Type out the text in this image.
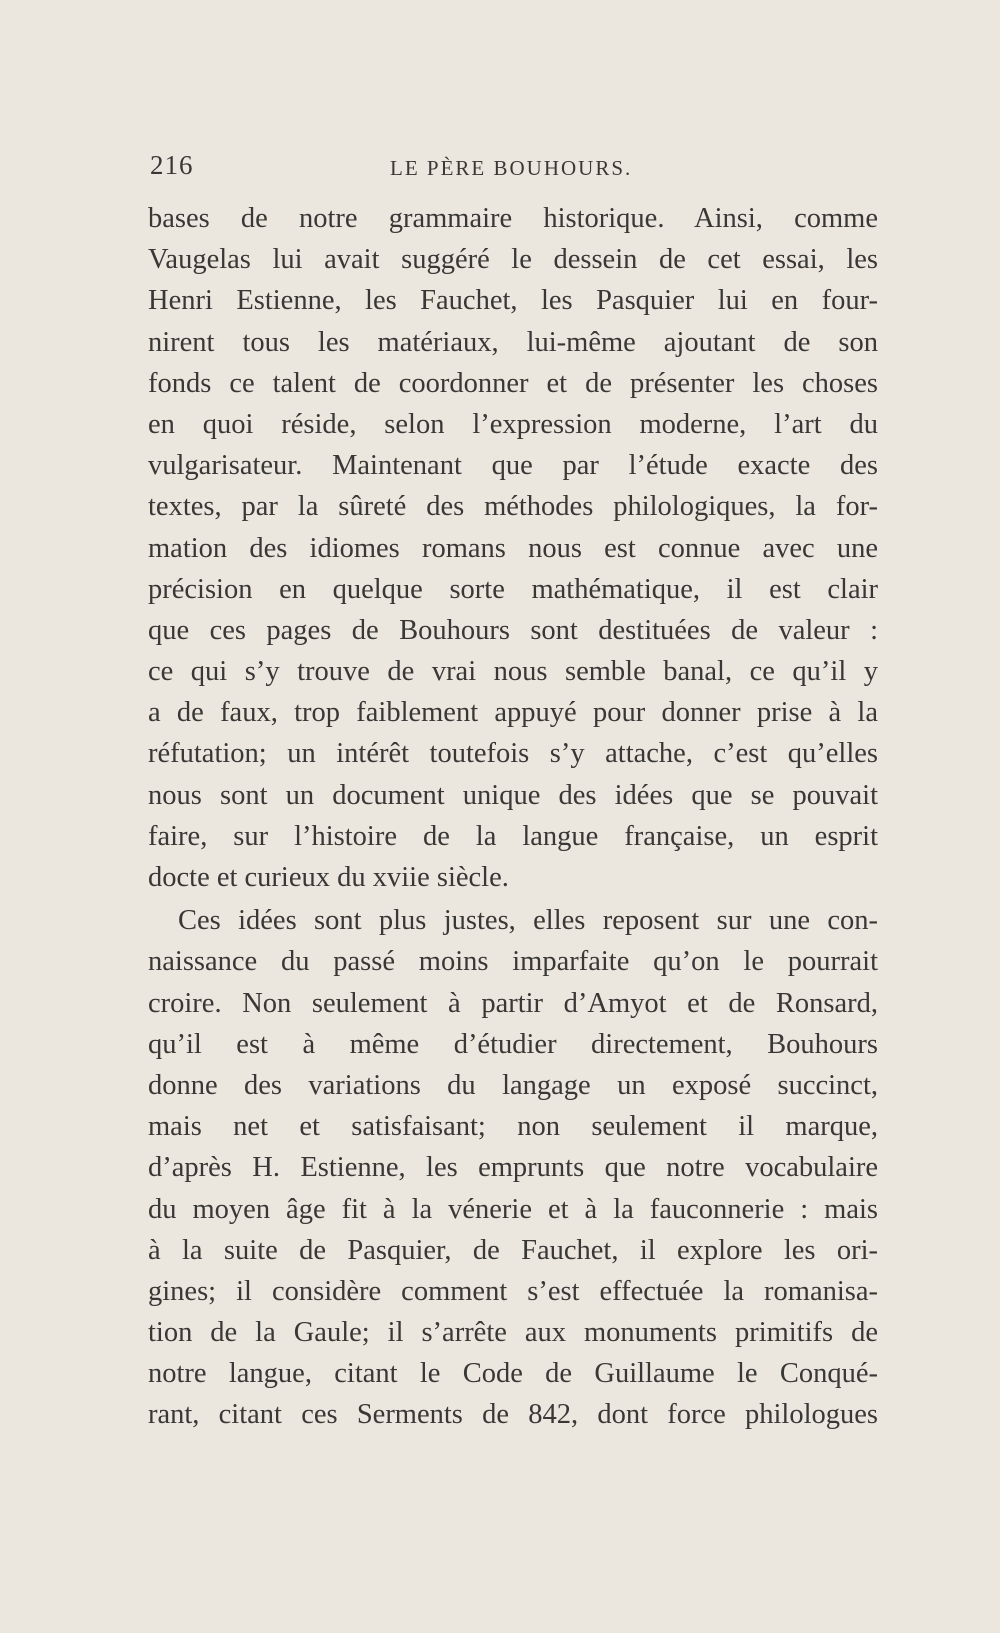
216	LE PÈRE BOUHOURS.
bases de notre grammaire historique. Ainsi, comme
Vaugelas lui avait suggéré le dessein de cet essai, les
Henri Estienne, les Fauchet, les Pasquier lui en four-
nirent tous les matériaux, lui-même ajoutant de son
fonds ce talent de coordonner et de présenter les choses
en quoi réside, selon l’expression moderne, l’art du
vulgarisateur. Maintenant que par l’étude exacte des
textes, par la sûreté des méthodes philologiques, la for-
mation des idiomes romans nous est connue avec une
précision en quelque sorte mathématique, il est clair
que ces pages de Bouhours sont destituées de valeur :
ce qui s’y trouve de vrai nous semble banal, ce qu’il y
a de faux, trop faiblement appuyé pour donner prise à la
réfutation; un intérêt toutefois s’y attache, c’est qu’elles
nous sont un document unique des idées que se pouvait
faire, sur l’histoire de la langue française, un esprit
docte et curieux du xviie siècle.
Ces idées sont plus justes, elles reposent sur une con-
naissance du passé moins imparfaite qu’on le pourrait
croire. Non seulement à partir d’Amyot et de Ronsard,
qu’il est à même d’étudier directement, Bouhours
donne des variations du langage un exposé succinct,
mais net et satisfaisant; non seulement il marque,
d’après H. Estienne, les emprunts que notre vocabulaire
du moyen âge fit à la vénerie et à la fauconnerie : mais
à la suite de Pasquier, de Fauchet, il explore les ori-
gines; il considère comment s’est effectuée la romanisa-
tion de la Gaule; il s’arrête aux monuments primitifs de
notre langue, citant le Code de Guillaume le Conqué-
rant, citant ces Serments de 842, dont force philologues
